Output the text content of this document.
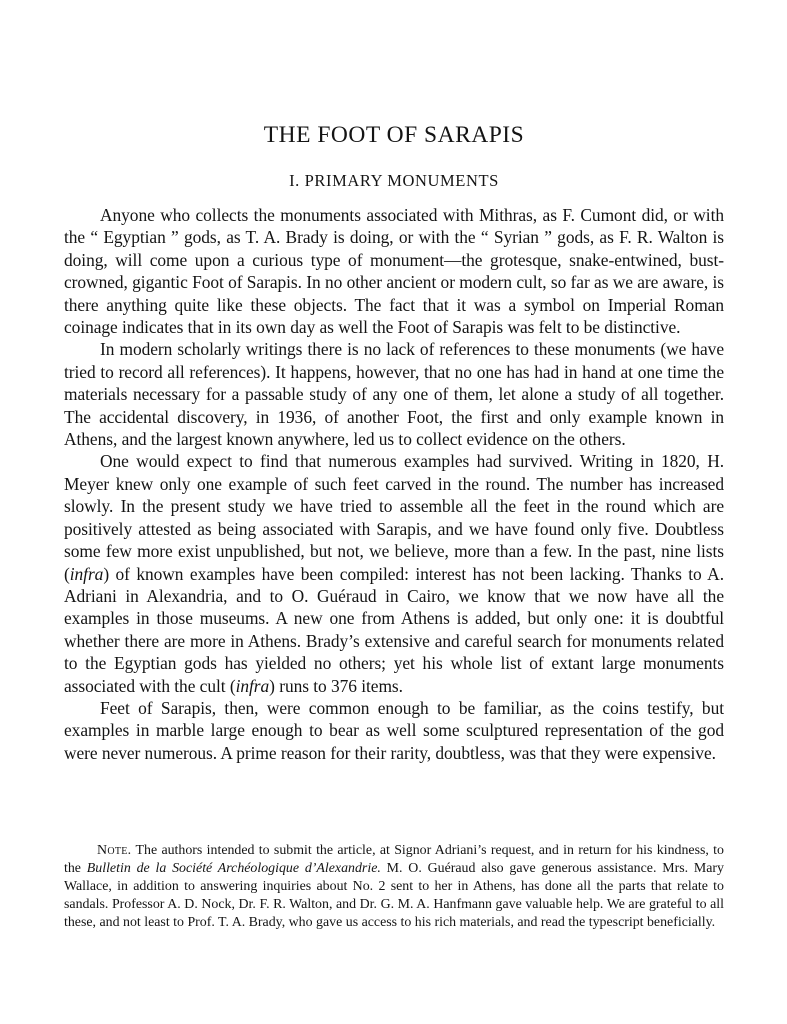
THE FOOT OF SARAPIS
I. PRIMARY MONUMENTS

Anyone who collects the monuments associated with Mithras, as F. Cumont did, or with the “ Egyptian ” gods, as T. A. Brady is doing, or with the “ Syrian ” gods, as F. R. Walton is doing, will come upon a curious type of monument—the grotesque, snake-entwined, bust-crowned, gigantic Foot of Sarapis. In no other ancient or modern cult, so far as we are aware, is there anything quite like these objects. The fact that it was a symbol on Imperial Roman coinage indicates that in its own day as well the Foot of Sarapis was felt to be distinctive.

In modern scholarly writings there is no lack of references to these monuments (we have tried to record all references). It happens, however, that no one has had in hand at one time the materials necessary for a passable study of any one of them, let alone a study of all together. The accidental discovery, in 1936, of another Foot, the first and only example known in Athens, and the largest known anywhere, led us to collect evidence on the others.

One would expect to find that numerous examples had survived. Writing in 1820, H. Meyer knew only one example of such feet carved in the round. The number has increased slowly. In the present study we have tried to assemble all the feet in the round which are positively attested as being associated with Sarapis, and we have found only five. Doubtless some few more exist unpublished, but not, we believe, more than a few. In the past, nine lists (infra) of known examples have been compiled: interest has not been lacking. Thanks to A. Adriani in Alexandria, and to O. Guéraud in Cairo, we know that we now have all the examples in those museums. A new one from Athens is added, but only one: it is doubtful whether there are more in Athens. Brady’s extensive and careful search for monuments related to the Egyptian gods has yielded no others; yet his whole list of extant large monuments associated with the cult (infra) runs to 376 items.

Feet of Sarapis, then, were common enough to be familiar, as the coins testify, but examples in marble large enough to bear as well some sculptured representation of the god were never numerous. A prime reason for their rarity, doubtless, was that they were expensive.

Note. The authors intended to submit the article, at Signor Adriani’s request, and in return for his kindness, to the Bulletin de la Société Archéologique d’Alexandrie. M. O. Guéraud also gave generous assistance. Mrs. Mary Wallace, in addition to answering inquiries about No. 2 sent to her in Athens, has done all the parts that relate to sandals. Professor A. D. Nock, Dr. F. R. Walton, and Dr. G. M. A. Hanfmann gave valuable help. We are grateful to all these, and not least to Prof. T. A. Brady, who gave us access to his rich materials, and read the typescript beneficially.
